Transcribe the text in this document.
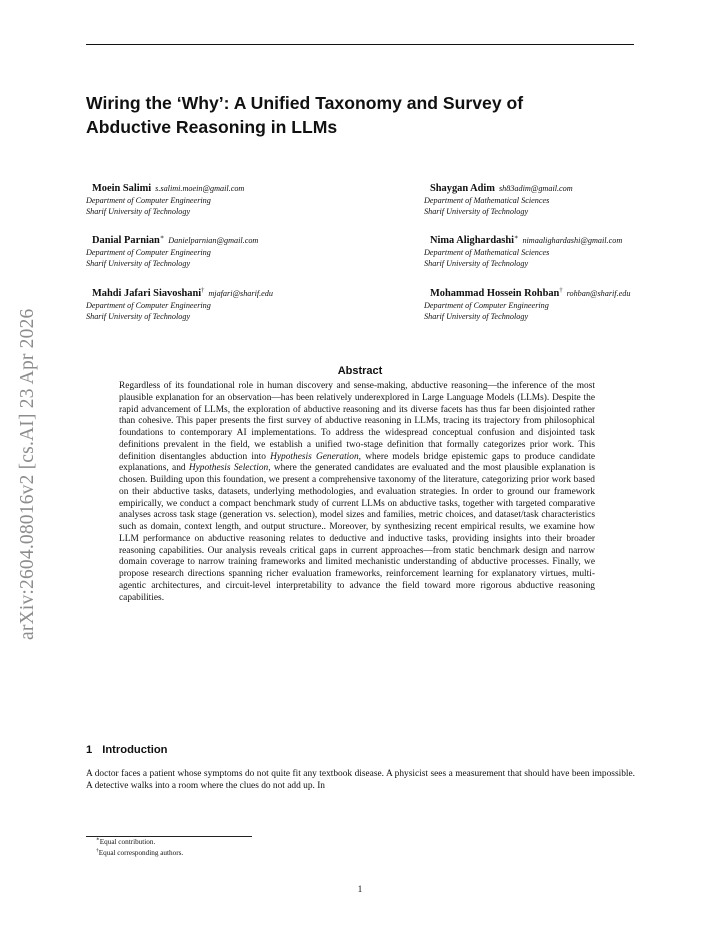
arXiv:2604.08016v2 [cs.AI] 23 Apr 2026
Wiring the ‘Why’: A Unified Taxonomy and Survey of
Abductive Reasoning in LLMs
Moein Salimi s.salimi.moein@gmail.com
Department of Computer Engineering
Sharif University of Technology
Danial Parnian∗ Danielparnian@gmail.com
Department of Computer Engineering
Sharif University of Technology
Mahdi Jafari Siavoshani† mjafari@sharif.edu
Department of Computer Engineering
Sharif University of Technology
Shaygan Adim sh83adim@gmail.com
Department of Mathematical Sciences
Sharif University of Technology
Nima Alighardashi∗ nimaalighardashi@gmail.com
Department of Mathematical Sciences
Sharif University of Technology
Mohammad Hossein Rohban† rohban@sharif.edu
Department of Computer Engineering
Sharif University of Technology
Abstract

Regardless of its foundational role in human discovery and sense-making, abductive reasoning—the inference of the most plausible explanation for an observation—has been relatively underexplored in Large Language Models (LLMs). Despite the rapid advancement of LLMs, the exploration of abductive reasoning and its diverse facets has thus far been disjointed rather than cohesive. This paper presents the first survey of abductive reasoning in LLMs, tracing its trajectory from philosophical foundations to contemporary AI implementations. To address the widespread conceptual confusion and disjointed task definitions prevalent in the field, we establish a unified two-stage definition that formally categorizes prior work. This definition disentangles abduction into Hypothesis Generation, where models bridge epistemic gaps to produce candidate explanations, and Hypothesis Selection, where the generated candidates are evaluated and the most plausible explanation is chosen. Building upon this foundation, we present a comprehensive taxonomy of the literature, categorizing prior work based on their abductive tasks, datasets, underlying methodologies, and evaluation strategies. In order to ground our framework empirically, we conduct a compact benchmark study of current LLMs on abductive tasks, together with targeted comparative analyses across task stage (generation vs. selection), model sizes and families, metric choices, and dataset/task characteristics such as domain, context length, and output structure.. Moreover, by synthesizing recent empirical results, we examine how LLM performance on abductive reasoning relates to deductive and inductive tasks, providing insights into their broader reasoning capabilities. Our analysis reveals critical gaps in current approaches—from static benchmark design and narrow domain coverage to narrow training frameworks and limited mechanistic understanding of abductive processes. Finally, we propose research directions spanning richer evaluation frameworks, reinforcement learning for explanatory virtues, multi-agentic architectures, and circuit-level interpretability to advance the field toward more rigorous abductive reasoning capabilities.

1 Introduction

A doctor faces a patient whose symptoms do not quite fit any textbook disease. A physicist sees a measurement that should have been impossible. A detective walks into a room where the clues do not add up. In

∗Equal contribution.
†Equal corresponding authors.
1
